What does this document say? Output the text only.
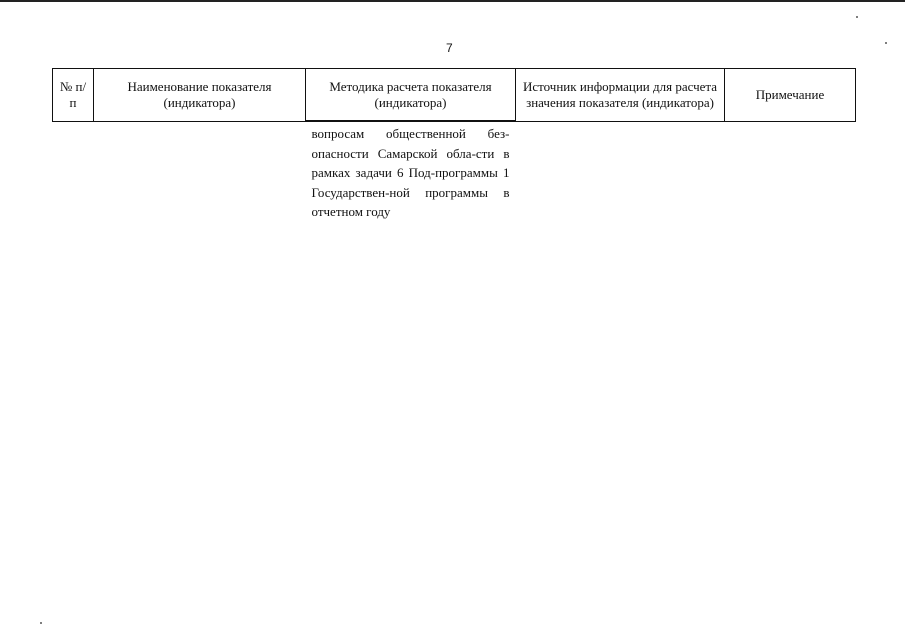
7
№ п/п	Наименование показателя (индикатора)	Методика расчета показателя (индикатора)	Источник информации для расчета значения показателя (индикатора)	Примечание
		вопросам общественной без-опасности Самарской обла-сти в рамках задачи 6 Под-программы 1 Государствен-ной программы в отчетном году		
